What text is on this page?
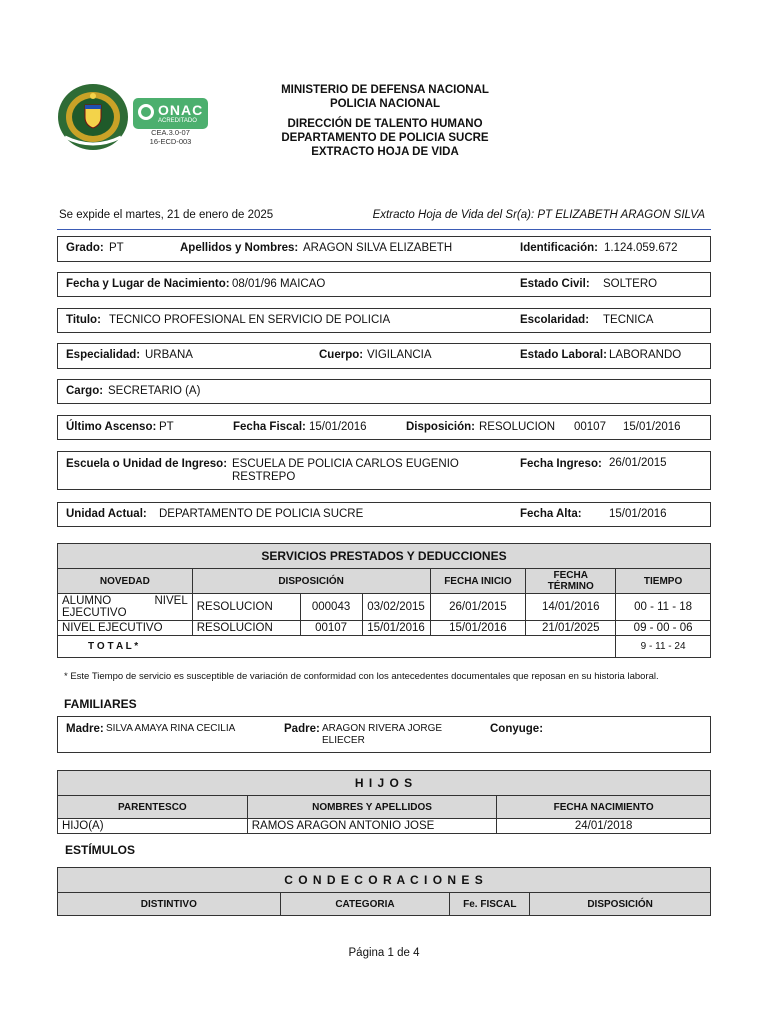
ONAC
ACREDITADO
CEA.3.0-07
16-ECD-003
MINISTERIO DE DEFENSA NACIONAL
POLICIA NACIONAL
DIRECCIÓN DE TALENTO HUMANO
DEPARTAMENTO DE POLICIA SUCRE
EXTRACTO HOJA DE VIDA
Se expide el martes, 21 de enero de 2025	Extracto Hoja de Vida del Sr(a): PT ELIZABETH ARAGON SILVA
Grado: PT	Apellidos y Nombres: ARAGON SILVA ELIZABETH	Identificación: 1.124.059.672
Fecha y Lugar de Nacimiento: 08/01/96 MAICAO	Estado Civil: SOLTERO
Titulo: TECNICO PROFESIONAL EN SERVICIO DE POLICIA	Escolaridad: TECNICA
Especialidad: URBANA	Cuerpo: VIGILANCIA	Estado Laboral: LABORANDO
Cargo: SECRETARIO (A)
Último Ascenso: PT	Fecha Fiscal: 15/01/2016	Disposición: RESOLUCION 00107 15/01/2016
Escuela o Unidad de Ingreso: ESCUELA DE POLICIA CARLOS EUGENIO
RESTREPO
Fecha Ingreso: 26/01/2015
Unidad Actual: DEPARTAMENTO DE POLICIA SUCRE	Fecha Alta: 15/01/2016
SERVICIOS PRESTADOS Y DEDUCCIONES						
NOVEDAD	DISPOSICIÓN			FECHA INICIO	FECHA TÉRMINO	TIEMPO

ALUMNO NIVEL
EJECUTIVO	RESOLUCION	000043	03/02/2015	26/01/2015	14/01/2016	00 - 11 - 18
NIVEL EJECUTIVO	RESOLUCION	00107	15/01/2016	15/01/2016	21/01/2025	09 - 00 - 06
T O T A L *						9 - 11 - 24
* Este Tiempo de servicio es susceptible de variación de conformidad con los antecedentes documentales que reposan en su historia laboral.
FAMILIARES
Madre: SILVA AMAYA RINA CECILIA	Padre: ARAGON RIVERA JORGE
ELIECER
Conyuge:
H I J O S		
PARENTESCO	NOMBRES Y APELLIDOS	FECHA NACIMIENTO
HIJO(A)	RAMOS ARAGON ANTONIO JOSE	24/01/2018
ESTÍMULOS
C O N D E C O R A C I O N E S
DISTINTIVO	CATEGORIA	Fe. FISCAL	DISPOSICIÓN
Página 1 de 4
